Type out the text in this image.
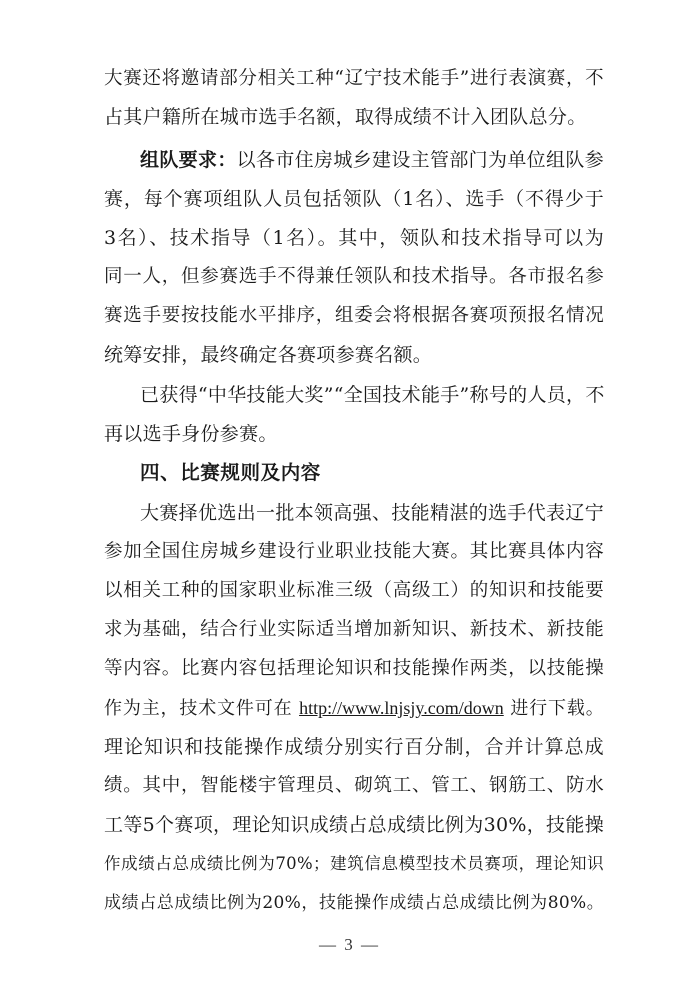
大赛还将邀请部分相关工种“辽宁技术能手”进行表演赛，不
占其户籍所在城市选手名额，取得成绩不计入团队总分。
组队要求：以各市住房城乡建设主管部门为单位组队参
赛，每个赛项组队人员包括领队（1名）、选手（不得少于
3名）、技术指导（1名）。其中，领队和技术指导可以为
同一人，但参赛选手不得兼任领队和技术指导。各市报名参
赛选手要按技能水平排序，组委会将根据各赛项预报名情况
统筹安排，最终确定各赛项参赛名额。
已获得“中华技能大奖”“全国技术能手”称号的人员，不
再以选手身份参赛。
四、比赛规则及内容
大赛择优选出一批本领高强、技能精湛的选手代表辽宁
参加全国住房城乡建设行业职业技能大赛。其比赛具体内容
以相关工种的国家职业标准三级（高级工）的知识和技能要
求为基础，结合行业实际适当增加新知识、新技术、新技能
等内容。比赛内容包括理论知识和技能操作两类，以技能操
作为主，技术文件可在 http://www.lnjsjy.com/down 进行下载。
理论知识和技能操作成绩分别实行百分制，合并计算总成
绩。其中，智能楼宇管理员、砌筑工、管工、钢筋工、防水
工等5个赛项，理论知识成绩占总成绩比例为30%，技能操
作成绩占总成绩比例为70%；建筑信息模型技术员赛项，理论知识
成绩占总成绩比例为20%，技能操作成绩占总成绩比例为80%。
— 3 —
